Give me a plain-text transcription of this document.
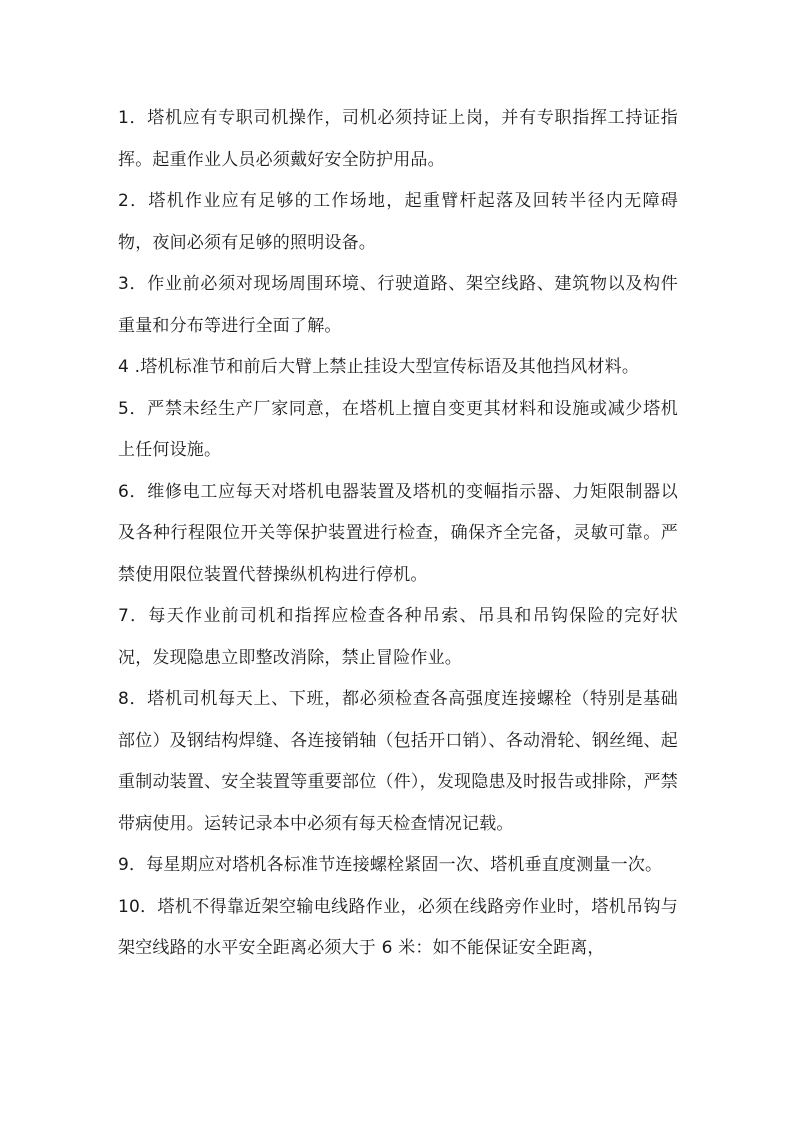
1．塔机应有专职司机操作，司机必须持证上岗，并有专职指挥工持证指挥。起重作业人员必须戴好安全防护用品。

2．塔机作业应有足够的工作场地，起重臂杆起落及回转半径内无障碍物，夜间必须有足够的照明设备。

3．作业前必须对现场周围环境、行驶道路、架空线路、建筑物以及构件重量和分布等进行全面了解。

4 .塔机标准节和前后大臂上禁止挂设大型宣传标语及其他挡风材料。

5．严禁未经生产厂家同意，在塔机上擅自变更其材料和设施或减少塔机上任何设施。

6．维修电工应每天对塔机电器装置及塔机的变幅指示器、力矩限制器以及各种行程限位开关等保护装置进行检查，确保齐全完备，灵敏可靠。严禁使用限位装置代替操纵机构进行停机。

7．每天作业前司机和指挥应检查各种吊索、吊具和吊钩保险的完好状况，发现隐患立即整改消除，禁止冒险作业。

8．塔机司机每天上、下班，都必须检查各高强度连接螺栓（特别是基础部位）及钢结构焊缝、各连接销轴（包括开口销）、各动滑轮、钢丝绳、起重制动装置、安全装置等重要部位（件），发现隐患及时报告或排除，严禁带病使用。运转记录本中必须有每天检查情况记载。

9．每星期应对塔机各标准节连接螺栓紧固一次、塔机垂直度测量一次。

10．塔机不得靠近架空输电线路作业，必须在线路旁作业时，塔机吊钩与架空线路的水平安全距离必须大于 6 米：如不能保证安全距离，
